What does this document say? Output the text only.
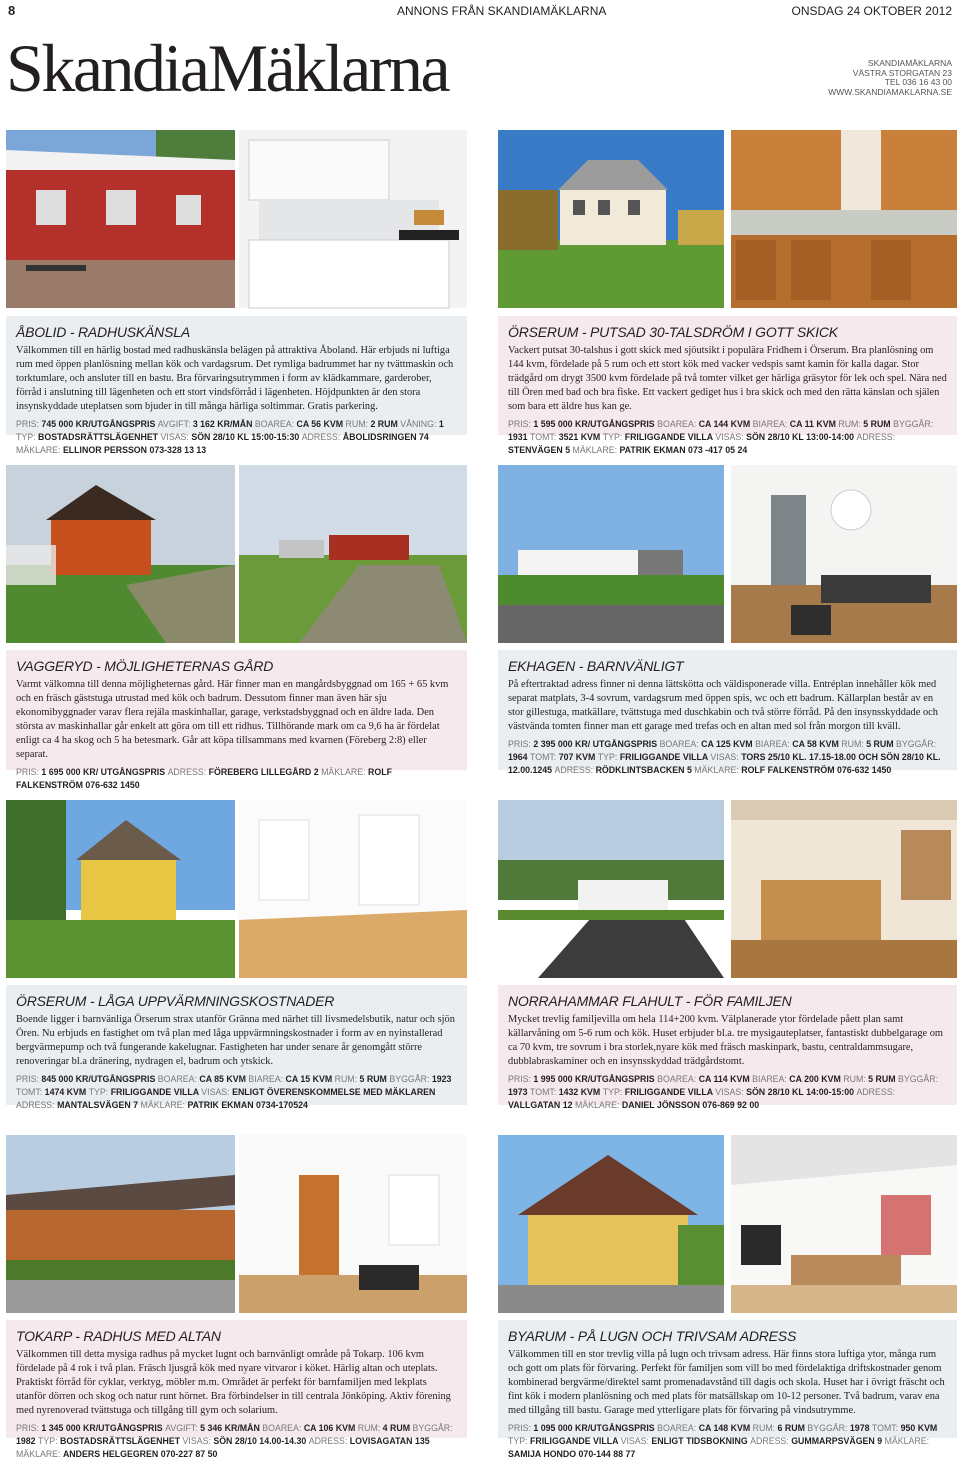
8	ANNONS FRÅN SKANDIAMÄKLARNA	ONSDAG 24 OKTOBER 2012
SkandiaMäklarna	SKANDIAMÄKLARNA
VÄSTRA STORGATAN 23
TEL 036 16 43 00
WWW.SKANDIAMAKLARNA.SE
ÅBOLID - RADHUSKÄNSLA

Välkommen till en härlig bostad med radhuskänsla belägen på attraktiva Åboland. Här erbjuds ni luftiga rum med öppen planlösning mellan kök och vardagsrum. Det rymliga badrummet har ny tvättmaskin och torktumlare, och ansluter till en bastu. Bra förvaringsutrymmen i form av klädkammare, garderober, förråd i anslutning till lägenheten och ett stort vindsförråd i lägenheten. Höjdpunkten är den stora insynskyddade uteplatsen som bjuder in till många härliga soltimmar. Gratis parkering.

PRIS: 745 000 KR/UTGÅNGSPRIS AVGIFT: 3 162 KR/MÅN BOAREA: CA 56 KVM RUM: 2 RUM VÅNING: 1 TYP: BOSTADSRÄTTSLÄGENHET VISAS: SÖN 28/10 KL 15:00-15:30 ADRESS: ÅBOLIDSRINGEN 74 MÄKLARE: ELLINOR PERSSON 073-328 13 13

ÖRSERUM - PUTSAD 30-TALSDRÖM I GOTT SKICK

Vackert putsat 30-talshus i gott skick med sjöutsikt i populära Fridhem i Örserum. Bra planlösning om 144 kvm, fördelade på 5 rum och ett stort kök med vacker vedspis samt kamin för kalla dagar. Stor trädgård om drygt 3500 kvm fördelade på två tomter vilket ger härliga gräsytor för lek och spel. Nära ned till Ören med bad och bra fiske. Ett vackert gediget hus i bra skick och med den rätta känslan och själen som bara ett äldre hus kan ge.

PRIS: 1 595 000 KR/UTGÅNGSPRIS BOAREA: CA 144 KVM BIAREA: CA 11 KVM RUM: 5 RUM BYGGÅR: 1931 TOMT: 3521 KVM TYP: FRILIGGANDE VILLA VISAS: SÖN 28/10 KL 13:00-14:00 ADRESS: STENVÄGEN 5 MÄKLARE: PATRIK EKMAN 073 -417 05 24

VAGGERYD - MÖJLIGHETERNAS GÅRD

Varmt välkomna till denna möjligheternas gård. Här finner man en mangårdsbyggnad om 165 + 65 kvm och en fräsch gäststuga utrustad med kök och badrum. Dessutom finner man även här sju ekonomibyggnader varav flera rejäla maskinhallar, garage, verkstadsbyggnad och en äldre lada. Den största av maskinhallar går enkelt att göra om till ett ridhus. Tillhörande mark om ca 9,6 ha är fördelat enligt ca 4 ha skog och 5 ha betesmark. Går att köpa tillsammans med kvarnen (Föreberg 2:8) eller separat.

PRIS: 1 695 000 KR/ UTGÅNGSPRIS ADRESS: FÖREBERG LILLEGÅRD 2 MÄKLARE: ROLF FALKENSTRÖM 076-632 1450

EKHAGEN - BARNVÄNLIGT

På eftertraktad adress finner ni denna lättskötta och väldisponerade villa. Entréplan innehåller kök med separat matplats, 3-4 sovrum, vardagsrum med öppen spis, wc och ett badrum. Källarplan består av en stor gillestuga, matkällare, tvättstuga med duschkabin och två större förråd. På den insynsskyddade och västvända tomten finner man ett garage med trefas och en altan med sol från morgon till kväll.

PRIS: 2 395 000 KR/ UTGÅNGSPRIS BOAREA: CA 125 KVM BIAREA: CA 58 KVM RUM: 5 RUM BYGGÅR: 1964 TOMT: 707 KVM TYP: FRILIGGANDE VILLA VISAS: TORS 25/10 KL. 17.15-18.00 OCH SÖN 28/10 KL. 12.00.1245 ADRESS: RÖDKLINTSBACKEN 5 MÄKLARE: ROLF FALKENSTRÖM 076-632 1450

ÖRSERUM - LÅGA UPPVÄRMNINGSKOSTNADER

Boende ligger i barnvänliga Örserum strax utanför Gränna med närhet till livsmedelsbutik, natur och sjön Ören. Nu erbjuds en fastighet om två plan med låga uppvärmningskostnader i form av en nyinstallerad bergvärmepump och två fungerande kakelugnar. Fastigheten har under senare år genomgått större renoveringar bl.a dränering, nydragen el, badrum och ytskick.

PRIS: 845 000 KR/UTGÅNGSPRIS BOAREA: CA 85 KVM BIAREA: CA 15 KVM RUM: 5 RUM BYGGÅR: 1923 TOMT: 1474 KVM TYP: FRILIGGANDE VILLA VISAS: ENLIGT ÖVERENSKOMMELSE MED MÄKLAREN ADRESS: MANTALSVÄGEN 7 MÄKLARE: PATRIK EKMAN 0734-170524

NORRAHAMMAR FLAHULT - FÖR FAMILJEN

Mycket trevlig familjevilla om hela 114+200 kvm. Välplanerade ytor fördelade påett plan samt källarvåning om 5-6 rum och kök. Huset erbjuder bl.a. tre mysigauteplatser, fantastiskt dubbelgarage om ca 70 kvm, tre sovrum i bra storlek,nyare kök med fräsch maskinpark, bastu, centraldammsugare, dubblabraskaminer och en insynsskyddad trädgårdstomt.

PRIS: 1 995 000 KR/UTGÅNGSPRIS BOAREA: CA 114 KVM BIAREA: CA 200 KVM RUM: 5 RUM BYGGÅR: 1973 TOMT: 1432 KVM TYP: FRILIGGANDE VILLA VISAS: SÖN 28/10 KL 14:00-15:00 ADRESS: VALLGATAN 12 MÄKLARE: DANIEL JÖNSSON 076-869 92 00

TOKARP - RADHUS MED ALTAN

Välkommen till detta mysiga radhus på mycket lugnt och barnvänligt område på Tokarp. 106 kvm fördelade på 4 rok i två plan. Fräsch ljusgrå kök med nyare vitvaror i köket. Härlig altan och uteplats. Praktiskt förråd för cyklar, verktyg, möbler m.m. Området är perfekt för barnfamiljen med lekplats utanför dörren och skog och natur runt hörnet. Bra förbindelser in till centrala Jönköping. Aktiv förening med nyrenoverad tvättstuga och tillgång till gym och solarium.

PRIS: 1 345 000 KR/UTGÅNGSPRIS AVGIFT: 5 346 KR/MÅN BOAREA: CA 106 KVM RUM: 4 RUM BYGGÅR: 1982 TYP: BOSTADSRÄTTSLÄGENHET VISAS: SÖN 28/10 14.00-14.30 ADRESS: LOVISAGATAN 135 MÄKLARE: ANDERS HELGEGREN 070-227 87 50

BYARUM - PÅ LUGN OCH TRIVSAM ADRESS

Välkommen till en stor trevlig villa på lugn och trivsam adress. Här finns stora luftiga ytor, många rum och gott om plats för förvaring. Perfekt för familjen som vill bo med fördelaktiga driftskostnader genom kombinerad bergvärme/direktel samt promenadavstånd till dagis och skola. Huset har i övrigt fräscht och fint kök i modern planlösning och med plats för matsällskap om 10-12 personer. Två badrum, varav ena med tillgång till bastu. Garage med ytterligare plats för förvaring på vindsutrymme.

PRIS: 1 095 000 KR/UTGÅNGSPRIS BOAREA: CA 148 KVM RUM: 6 RUM BYGGÅR: 1978 TOMT: 950 KVM TYP: FRILIGGANDE VILLA VISAS: ENLIGT TIDSBOKNING ADRESS: GUMMARPSVÄGEN 9 MÄKLARE: SAMIJA HONDO 070-144 88 77
